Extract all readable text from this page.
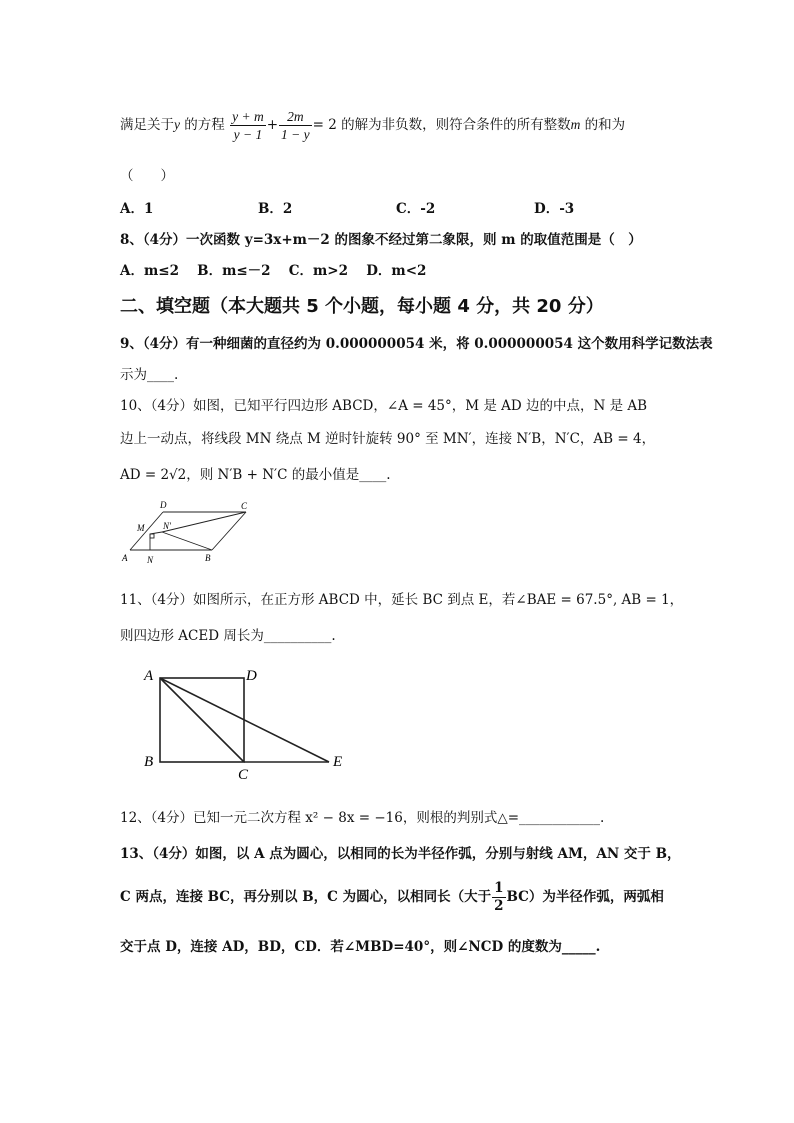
满足关于y 的方程 $\frac{y + m}{y - 1} + \frac{2m}{1 - y} = 2$ 的解为非负数，则符合条件的所有整数m 的和为
（　　）
A．1	B．2	C．-2	D．-3
8、（4分）一次函数 y=3x+m－2 的图象不经过第二象限，则 m 的取值范围是（　）
A．m≤2　 B．m≤－2　 C．m>2　 D．m<2
二、填空题（本大题共 5 个小题，每小题 4 分，共 20 分）
9、（4分）有一种细菌的直径约为 0.000000054 米，将 0.000000054 这个数用科学记数法表
示为____.
10、（4分）如图，已知平行四边形 ABCD，∠A = 45°，M 是 AD 边的中点，N 是 AB
边上一动点，将线段 MN 绕点 M 逆时针旋转 90° 至 MN′，连接 N′B，N′C，AB = 4，
AD = 2√2，则 N′B + N′C 的最小值是____.
A	B
C
D
M
N
N′
11、（4分）如图所示，在正方形 ABCD 中，延长 BC 到点 E，若∠BAE = 67.5°, AB = 1，
则四边形 ACED 周长为__________.
A	D
B
C
E
12、（4分）已知一元二次方程 x² − 8x = −16，则根的判别式△=____________.
13、（4分）如图，以 A 点为圆心，以相同的长为半径作弧，分别与射线 AM，AN 交于 B，
C 两点，连接 BC，再分别以 B，C 为圆心，以相同长（大于 $\frac{1}{2} BC$）为半径作弧，两弧相
交于点 D，连接 AD，BD，CD．若∠MBD=40°，则∠NCD 的度数为_____.
